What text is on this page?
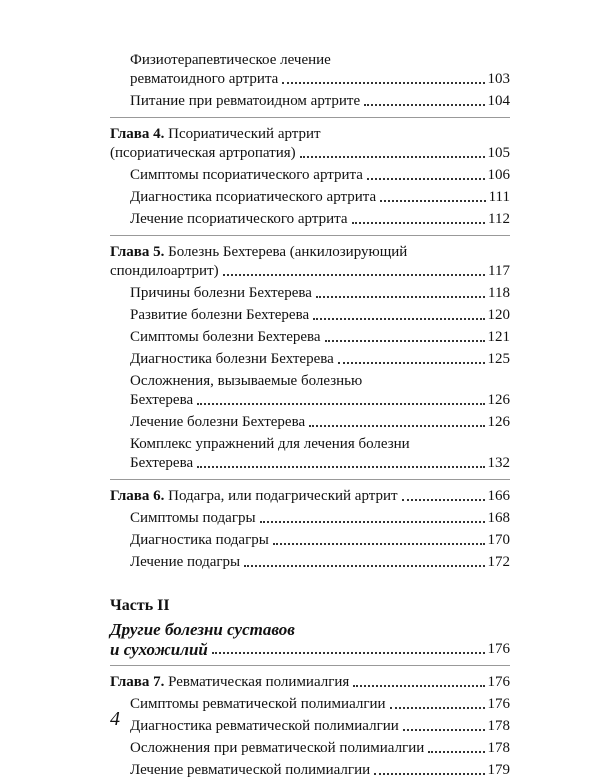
Физиотерапевтическое лечение
ревматоидного артрита	103
Питание при ревматоидном артрите	104
Глава 4. Псориатический артрит
(псориатическая артропатия)	105
Симптомы псориатического артрита	106
Диагностика псориатического артрита	111
Лечение псориатического артрита	112
Глава 5. Болезнь Бехтерева (анкилозирующий
спондилоартрит)	117
Причины болезни Бехтерева	118
Развитие болезни Бехтерева	120
Симптомы болезни Бехтерева	121
Диагностика болезни Бехтерева	125
Осложнения, вызываемые болезнью
Бехтерева	126
Лечение болезни Бехтерева	126
Комплекс упражнений для лечения болезни
Бехтерева	132
Глава 6. Подагра, или подагрический артрит	166
Симптомы подагры	168
Диагностика подагры	170
Лечение подагры	172
Часть II
Другие болезни суставов
и сухожилий	176
Глава 7. Ревматическая полимиалгия	176
Симптомы ревматической полимиалгии	176
Диагностика ревматической полимиалгии	178
Осложнения при ревматической полимиалгии	178
Лечение ревматической полимиалгии	179
4
